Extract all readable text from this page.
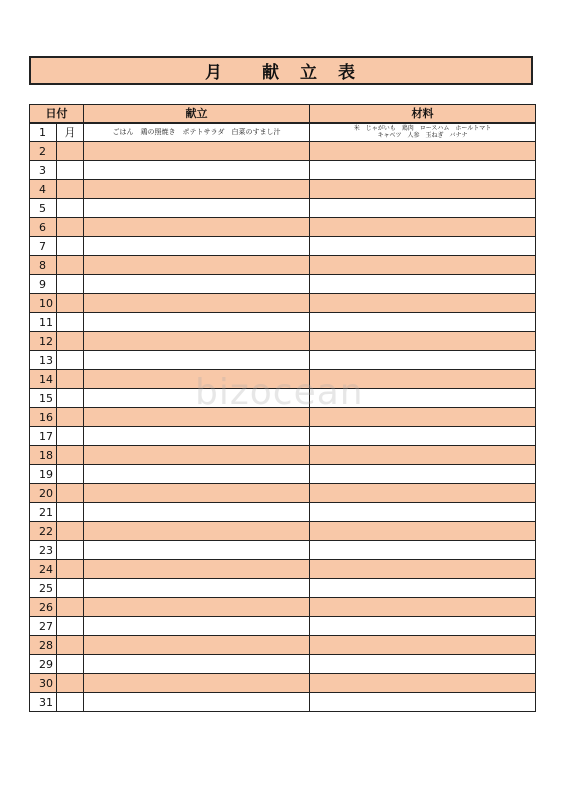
月　　献　立　表
日付		献立	材料
1	月	ごはん　鶏の照焼き　ポテトサラダ　白菜のすまし汁	米　じゃがいも　鶏肉　ロースハム　ホールトマト
キャベツ　人参　玉ねぎ　バナナ

2			
3			
4			
5			
6			
7			
8			
9			
10			
11			
12			
13			
14			
15			
16			
17			
18			
19			
20			
21			
22			
23			
24			
25			
26			
27			
28			
29			
30			
31			
bizocean
